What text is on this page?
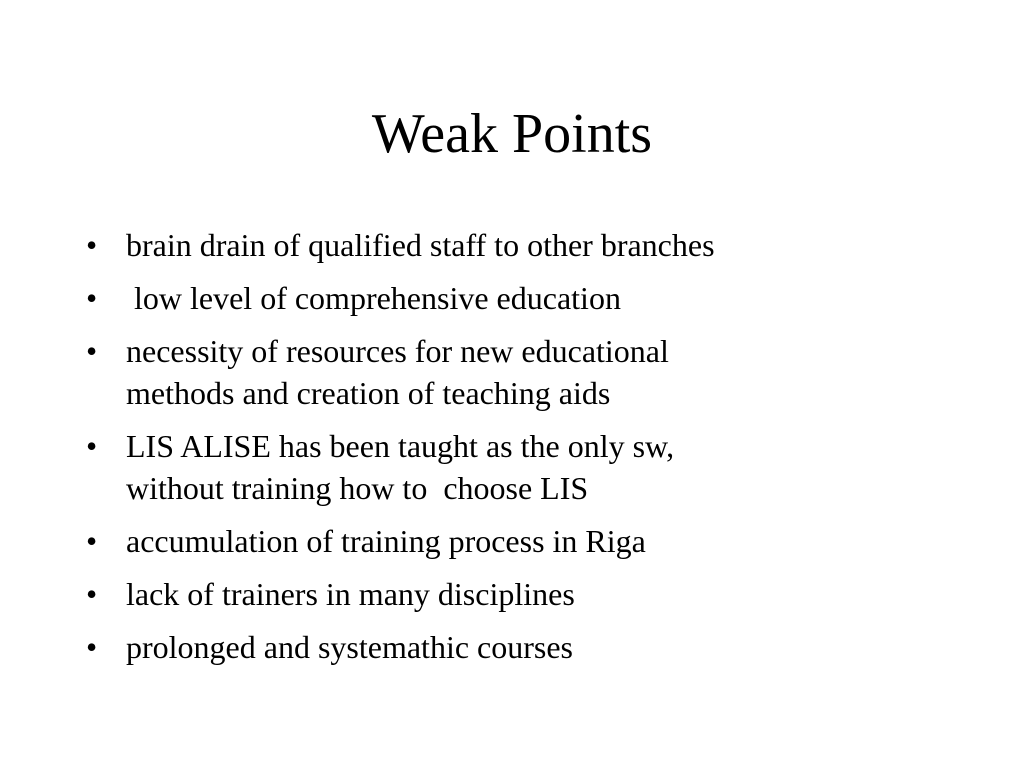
Weak Points
• brain drain of qualified staff to other branches
• low level of comprehensive education
• necessity of resources for new educational
methods and creation of teaching aids
• LIS ALISE has been taught as the only sw,
without training how to  choose LIS
• accumulation of training process in Riga
• lack of trainers in many disciplines
• prolonged and systemathic courses
